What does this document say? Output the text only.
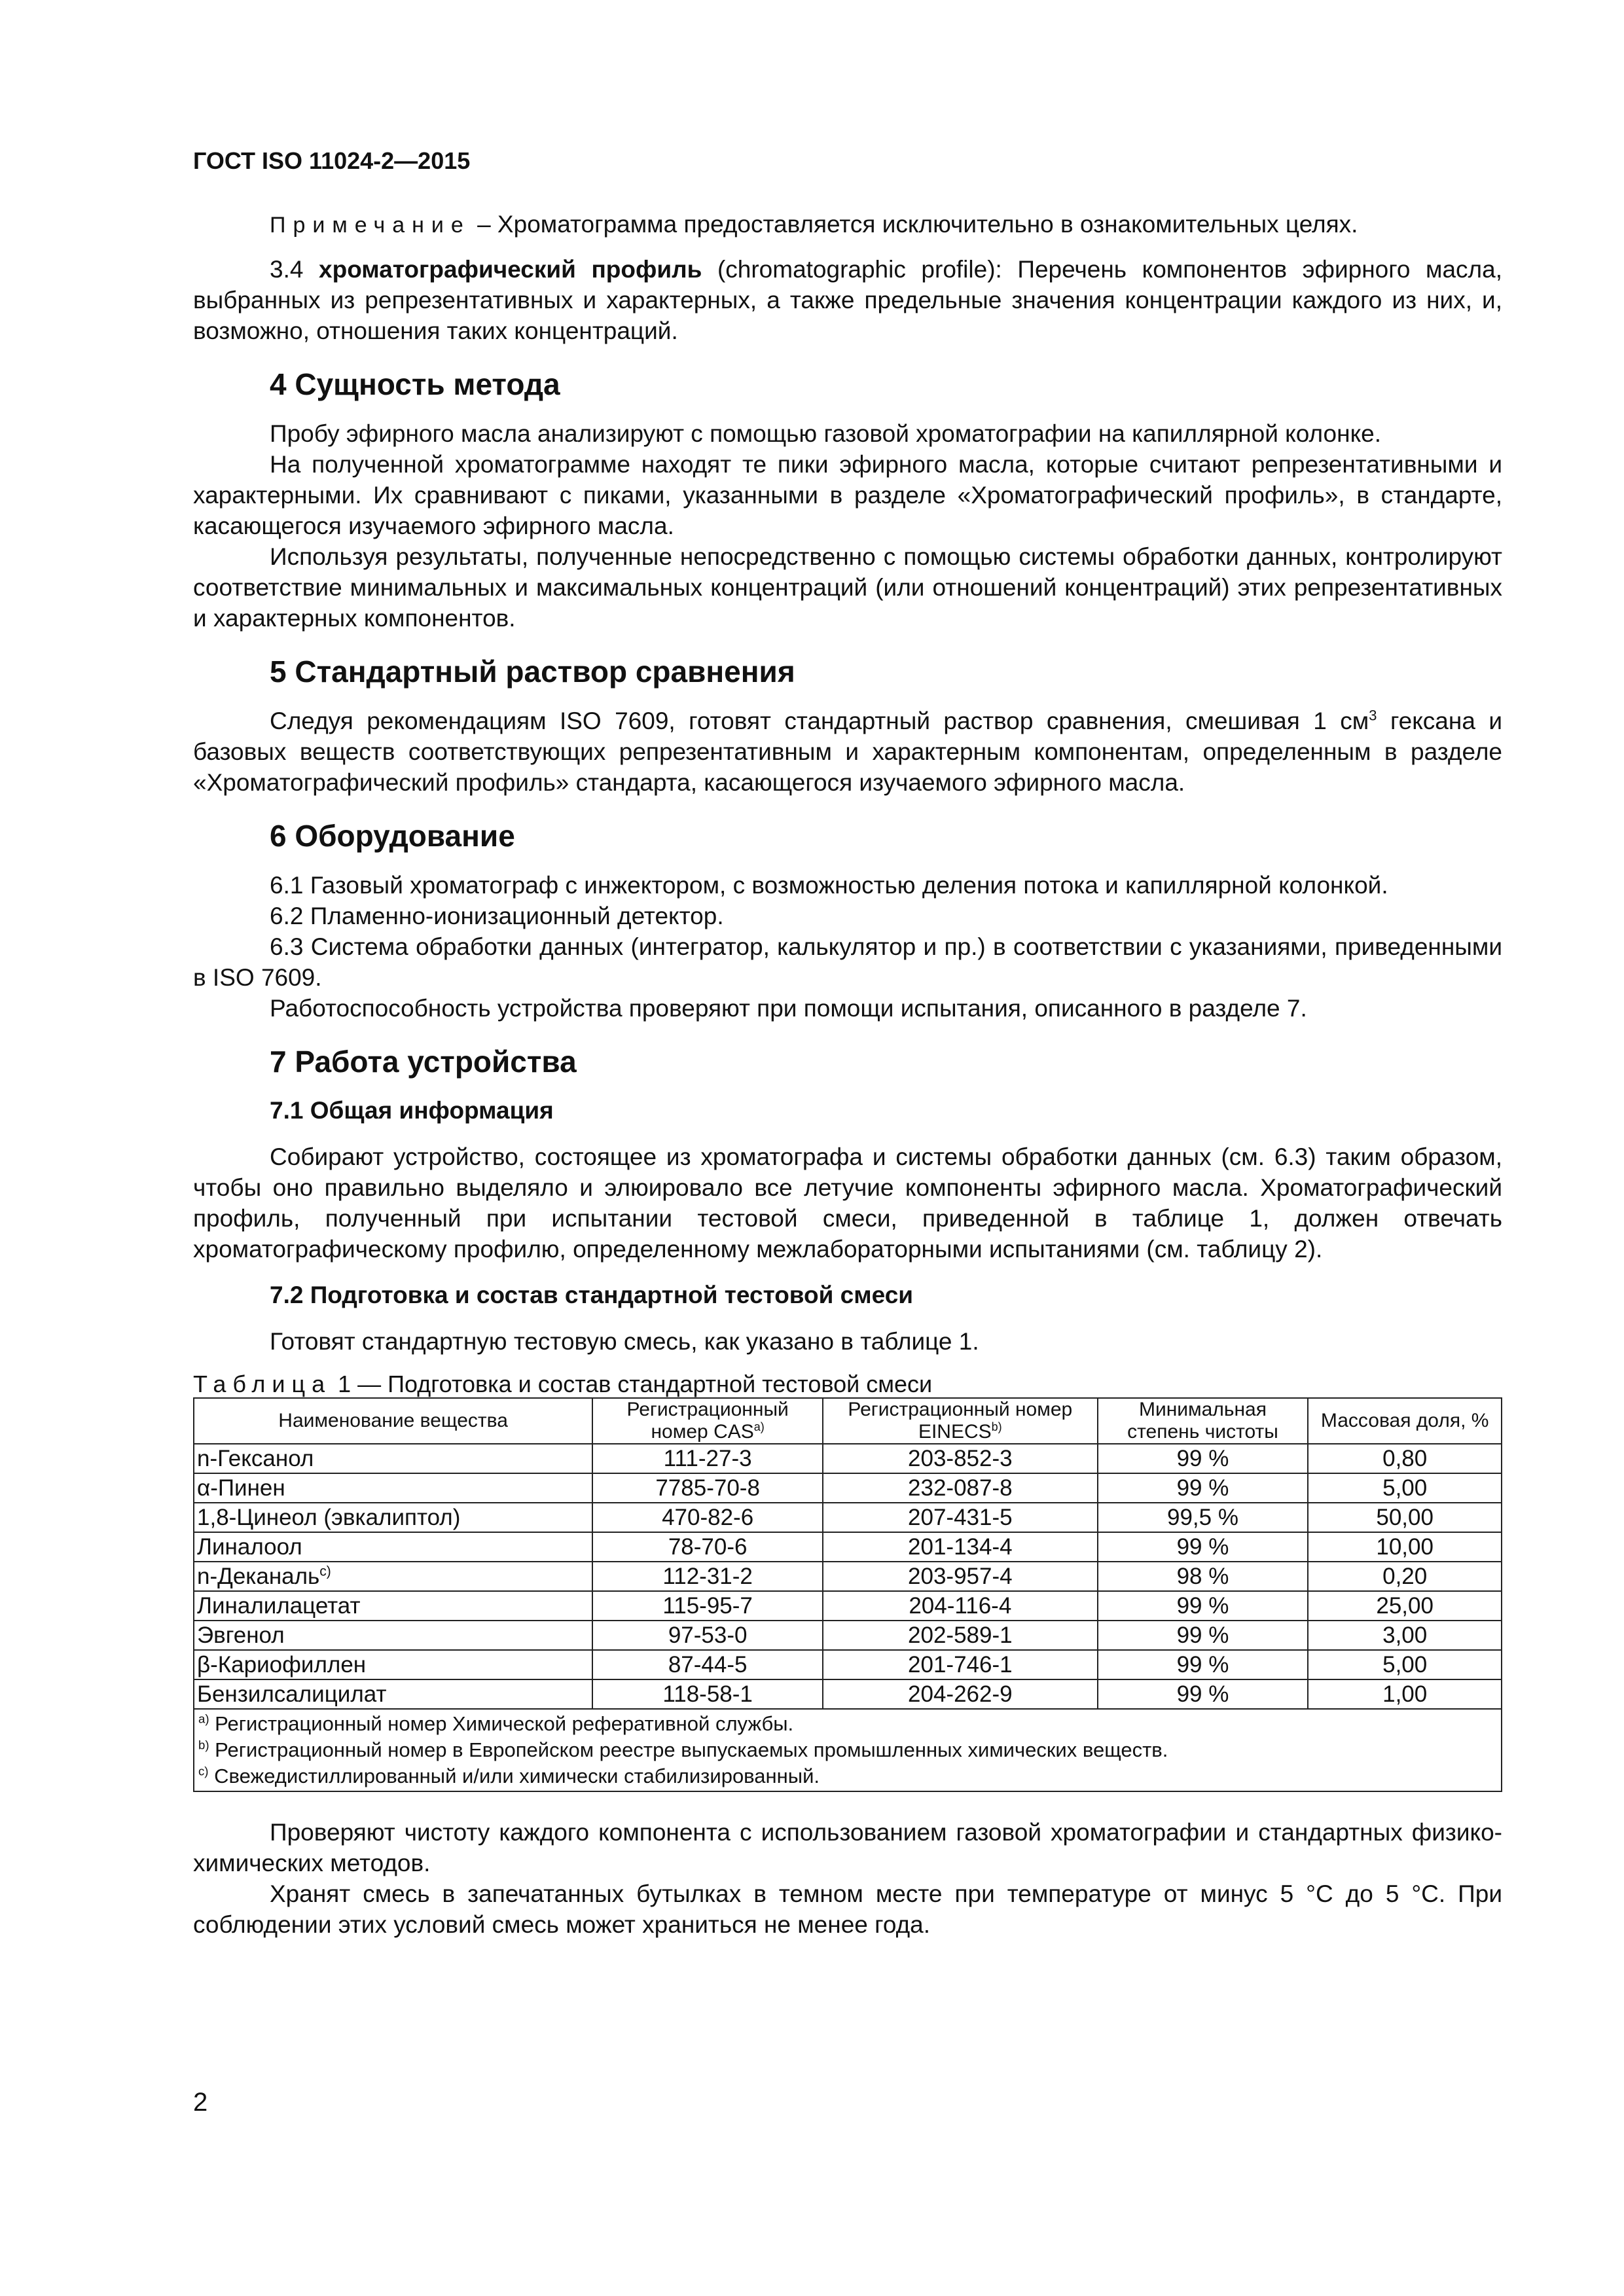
ГОСТ ISO 11024-2—2015

Примечание – Хроматограмма предоставляется исключительно в ознакомительных целях.

3.4 хроматографический профиль (chromatographic profile): Перечень компонентов эфирного масла, выбранных из репрезентативных и характерных, а также предельные значения концентрации каждого из них, и, возможно, отношения таких концентраций.

4 Сущность метода

Пробу эфирного масла анализируют с помощью газовой хроматографии на капиллярной колонке.

На полученной хроматограмме находят те пики эфирного масла, которые считают репрезентативными и характерными. Их сравнивают с пиками, указанными в разделе «Хроматографический профиль», в стандарте, касающегося изучаемого эфирного масла.

Используя результаты, полученные непосредственно с помощью системы обработки данных, контролируют соответствие минимальных и максимальных концентраций (или отношений концентраций) этих репрезентативных и характерных компонентов.

5 Стандартный раствор сравнения

Следуя рекомендациям ISO 7609, готовят стандартный раствор сравнения, смешивая 1 $см^3$ гексана и базовых веществ соответствующих репрезентативным и характерным компонентам, определенным в разделе «Хроматографический профиль» стандарта, касающегося изучаемого эфирного масла.

6 Оборудование

6.1 Газовый хроматограф с инжектором, с возможностью деления потока и капиллярной колонкой.

6.2 Пламенно-ионизационный детектор.

6.3 Система обработки данных (интегратор, калькулятор и пр.) в соответствии с указаниями, приведенными в ISO 7609.

Работоспособность устройства проверяют при помощи испытания, описанного в разделе 7.

7 Работа устройства
7.1 Общая информация

Собирают устройство, состоящее из хроматографа и системы обработки данных (см. 6.3) таким образом, чтобы оно правильно выделяло и элюировало все летучие компоненты эфирного масла. Хроматографический профиль, полученный при испытании тестовой смеси, приведенной в таблице 1, должен отвечать хроматографическому профилю, определенному межлабораторными испытаниями (см. таблицу 2).

7.2 Подготовка и состав стандартной тестовой смеси

Готовят стандартную тестовую смесь, как указано в таблице 1.

Таблица 1 — Подготовка и состав стандартной тестовой смеси
Наименование вещества	Регистрационный номер CAS$^{a)}$	Регистрационный номер EINECS$^{b)}$	Минимальная степень чистоты	Массовая доля, %
n-Гексанол	111-27-3	203-852-3	99 %	0,80
α-Пинен	7785-70-8	232-087-8	99 %	5,00
1,8-Цинеол (эвкалиптол)	470-82-6	207-431-5	99,5 %	50,00
Линалоол	78-70-6	201-134-4	99 %	10,00
n-Деканаль$^{c)}$	112-31-2	203-957-4	98 %	0,20
Линалилацетат	115-95-7	204-116-4	99 %	25,00
Эвгенол	97-53-0	202-589-1	99 %	3,00
β-Кариофиллен	87-44-5	201-746-1	99 %	5,00
Бензилсалицилат	118-58-1	204-262-9	99 %	1,00

$^{a)}$ Регистрационный номер Химической реферативной службы.
$^{b)}$ Регистрационный номер в Европейском реестре выпускаемых промышленных химических веществ.
$^{c)}$ Свежедистиллированный и/или химически стабилизированный.				

Проверяют чистоту каждого компонента с использованием газовой хроматографии и стандартных физико-химических методов.

Хранят смесь в запечатанных бутылках в темном месте при температуре от минус 5 °С до 5 °С. При соблюдении этих условий смесь может храниться не менее года.

2
